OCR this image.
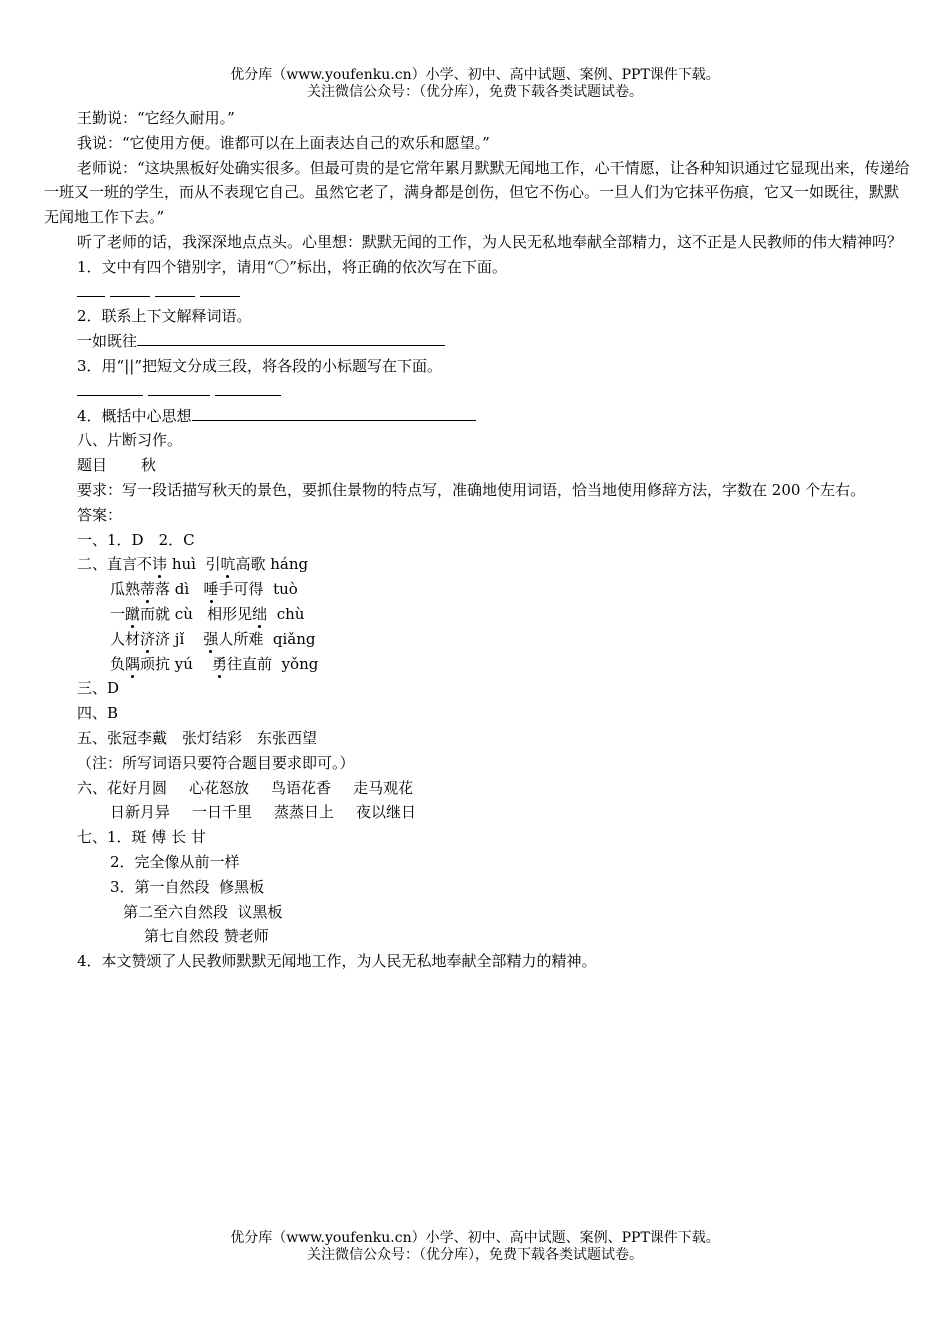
优分库（www.youfenku.cn）小学、初中、高中试题、案例、PPT课件下载。
关注微信公众号：（优分库），免费下载各类试题试卷。

王勤说：“它经久耐用。”

我说：“它使用方便。谁都可以在上面表达自己的欢乐和愿望。”

老师说：“这块黑板好处确实很多。但最可贵的是它常年累月默默无闻地工作，心干情愿，让各种知识通过它显现出来，传递给一班又一班的学生，而从不表现它自己。虽然它老了，满身都是创伤，但它不伤心。一旦人们为它抹平伤痕，它又一如既往，默默无闻地工作下去。”

听了老师的话，我深深地点点头。心里想：默默无闻的工作，为人民无私地奉献全部精力，这不正是人民教师的伟大精神吗？

1．文中有四个错别字，请用“〇”标出，将正确的依次写在下面。
2．联系上下文解释词语。
一如既往
3．用“||”把短文分成三段，将各段的小标题写在下面。
4．概括中心思想
八、片断习作。
题目 秋

要求：写一段话描写秋天的景色，要抓住景物的特点写，准确地使用词语，恰当地使用修辞方法，字数在 200 个左右。

答案：
一、1．D　2．C
二、直言不讳 huì  引吭高歌 háng
瓜熟蒂落 dì   唾手可得  tuò
一蹴而就 cù   相形见绌  chù
人材济济 jǐ    强人所难  qiǎng
负隅顽抗 yú    勇往直前  yǒng
三、D
四、B
五、张冠李戴　张灯结彩　东张西望
（注：所写词语只要符合题目要求即可。）
六、花好月圆 心花怒放 鸟语花香 走马观花
日新月异 一日千里 蒸蒸日上 夜以继日
七、1．斑 傅 长 甘
2．完全像从前一样
3．第一自然段  修黑板
第二至六自然段  议黑板
第七自然段 赞老师
4．本文赞颂了人民教师默默无闻地工作，为人民无私地奉献全部精力的精神。
优分库（www.youfenku.cn）小学、初中、高中试题、案例、PPT课件下载。
关注微信公众号：（优分库），免费下载各类试题试卷。
